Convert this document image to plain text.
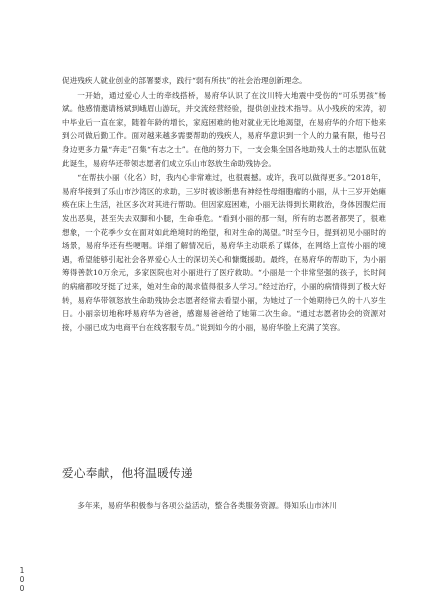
促进残疾人就业创业的部署要求，践行“弱有所扶”的社会治理创新理念。

一开始，通过爱心人士的牵线搭桥，易府华认识了在汶川特大地震中受伤的“可乐男孩”杨斌。他感情邀请杨斌到峨眉山游玩，并交流经营经验，提供创业技术指导。从小残疾的宋涛，初中毕业后一直在家，随着年龄的增长，家庭困难的他对就业无比地渴望，在易府华的介绍下他来到公司做后勤工作。面对越来越多需要帮助的残疾人，易府华意识到一个人的力量有限，他号召身边更多力量“奔走”召集“有志之士”。在他的努力下，一支会集全国各地助残人士的志愿队伍就此诞生，易府华还带领志愿者们成立乐山市怒放生命助残协会。

“在帮扶小丽（化名）时，我内心非常难过，也很震撼。或许，我可以做得更多。”2018年，易府华接到了乐山市沙湾区的求助，三岁时被诊断患有神经性母细胞瘤的小丽，从十三岁开始瘫痪在床上生活，社区多次对其进行帮助。但因家庭困难，小丽无法得到长期救治，身体因腹烂而发出恶臭，甚至失去双脚和小腿，生命垂危。“看到小丽的那一刻，所有的志愿者都哭了，很难想象，一个花季少女在面对如此绝境时的绝望，和对生命的渴望。”时至今日，提到初见小丽时的场景，易府华还有些哽咽。详细了解情况后，易府华主动联系了媒体，在网络上宣传小丽的境遇，希望能够引起社会各界爱心人士的深切关心和慷慨援助。最终，在易府华的帮助下，为小丽筹得善款10万余元，多家医院也对小丽进行了医疗救助。“小丽是一个非常坚强的孩子，长时间的病痛都咬牙挺了过来，她对生命的渴求值得很多人学习。”经过治疗，小丽的病情得到了极大好转，易府华带领怒放生命助残协会志愿者经常去看望小丽，为她过了一个她期待已久的十八岁生日。小丽亲切地称呼易府华为爸爸，感谢易爸爸给了她第二次生命。“通过志愿者协会的资源对接，小丽已成为电商平台在线客服专员。”说到如今的小丽，易府华脸上充满了笑容。

爱心奉献，他将温暖传递

多年来，易府华积极参与各项公益活动，整合各类服务资源。得知乐山市沐川

1
0
0
